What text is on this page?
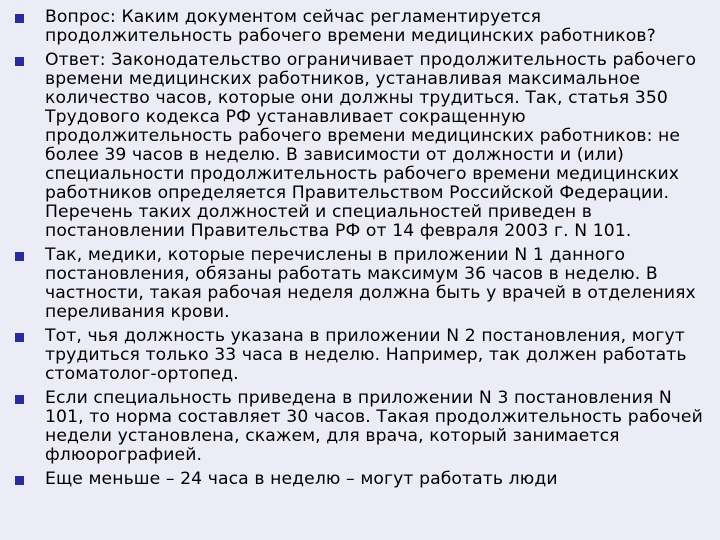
Вопрос: Каким документом сейчас регламентируется продолжительность рабочего времени медицинских работников?
Ответ: Законодательство ограничивает продолжительность рабочего времени медицинских работников, устанавливая максимальное количество часов, которые они должны трудиться. Так, статья 350 Трудового кодекса РФ устанавливает сокращенную продолжительность рабочего времени медицинских работников: не более 39 часов в неделю. В зависимости от должности и (или) специальности продолжительность рабочего времени медицинских работников определяется Правительством Российской Федерации. Перечень таких должностей и специальностей приведен в постановлении Правительства РФ от 14 февраля 2003 г. N 101.
Так, медики, которые перечислены в приложении N 1 данного постановления, обязаны работать максимум 36 часов в неделю. В частности, такая рабочая неделя должна быть у врачей в отделениях переливания крови.
Тот, чья должность указана в приложении N 2 постановления, могут трудиться только 33 часа в неделю. Например, так должен работать стоматолог-ортопед.
Если специальность приведена в приложении N 3 постановления N 101, то норма составляет 30 часов. Такая продолжительность рабочей недели установлена, скажем, для врача, который занимается флюорографией.
Еще меньше – 24 часа в неделю – могут работать люди
